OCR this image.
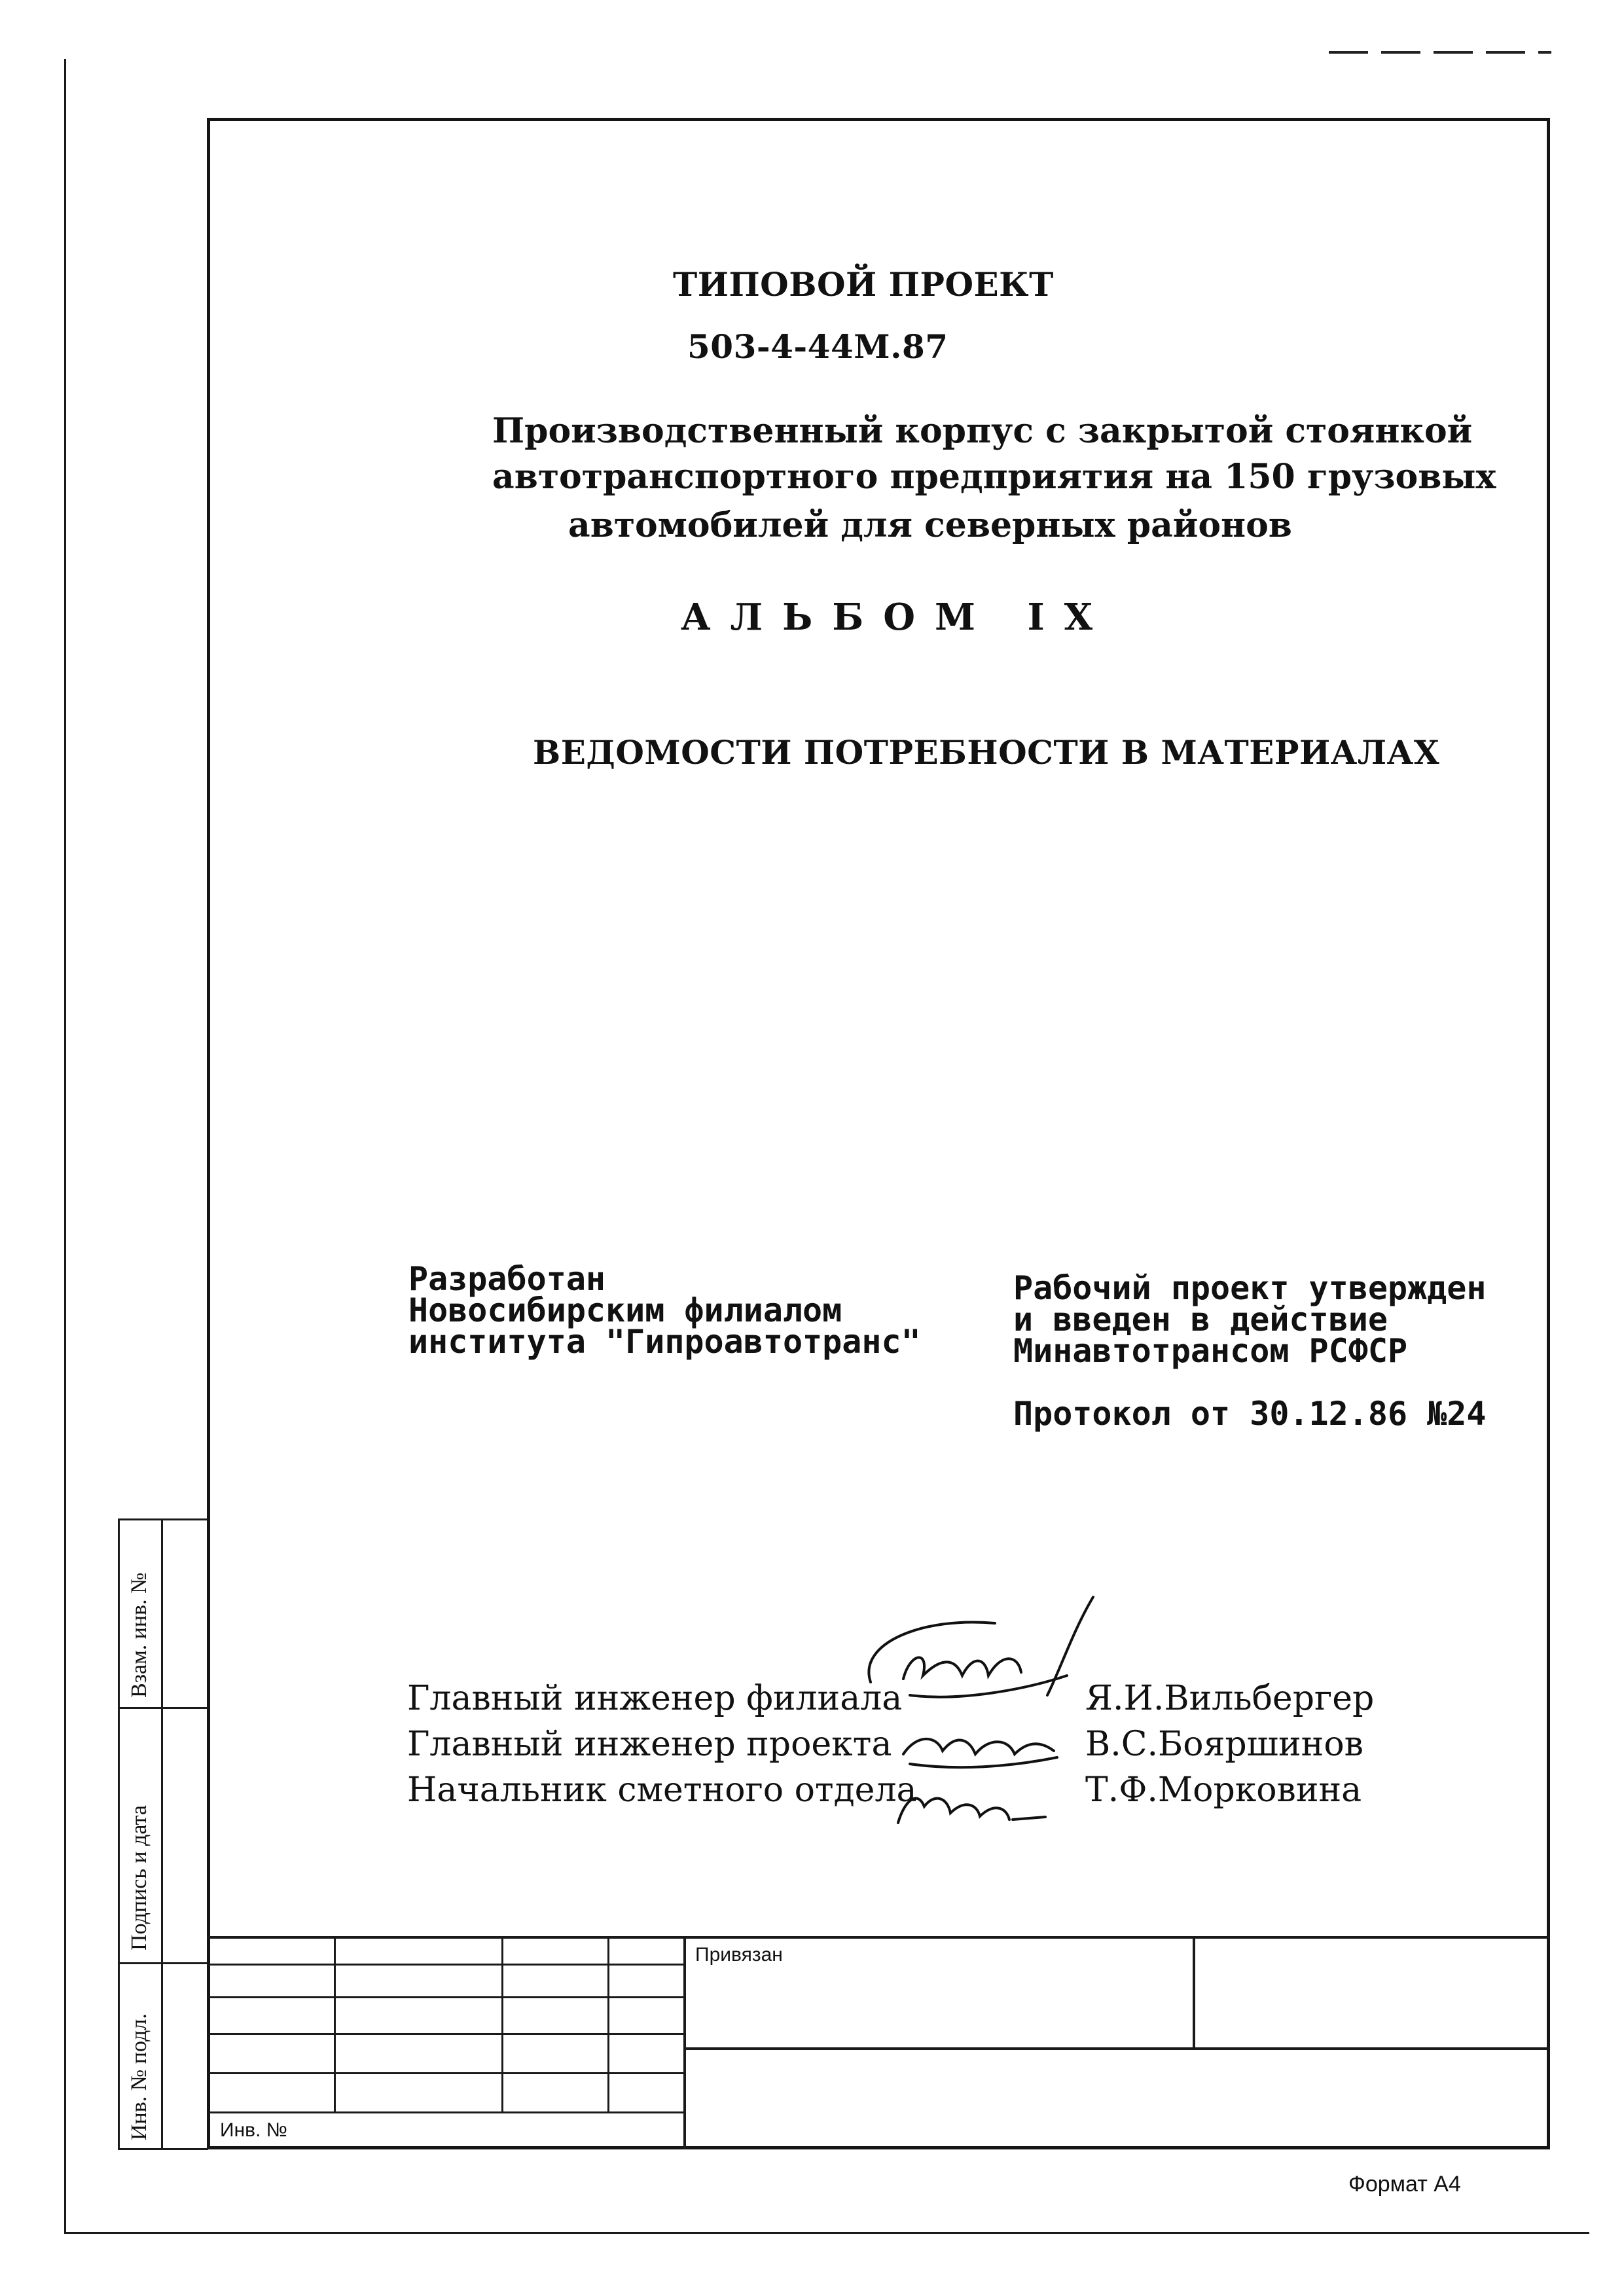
ТИПОВОЙ ПРОЕКТ
503-4-44М.87
Производственный корпус с закрытой стоянкой
автотранспортного предприятия на 150 грузовых
автомобилей для северных районов
АЛЬБОМ IX
ВЕДОМОСТИ ПОТРЕБНОСТИ В МАТЕРИАЛАХ
Разработан
Новосибирским филиалом
института "Гипроавтотранс"
Рабочий проект утвержден
и введен в действие
Минавтотрансом РСФСР
Протокол от 30.12.86 №24
Главный инженер филиала
Главный инженер проекта
Начальник сметного отдела
Я.И.Вильбергер
В.С.Бояршинов
Т.Ф.Морковина
Привязан
Инв. №
Взам. инв. №
Подпись и дата
Инв. № подл.
Формат А4
